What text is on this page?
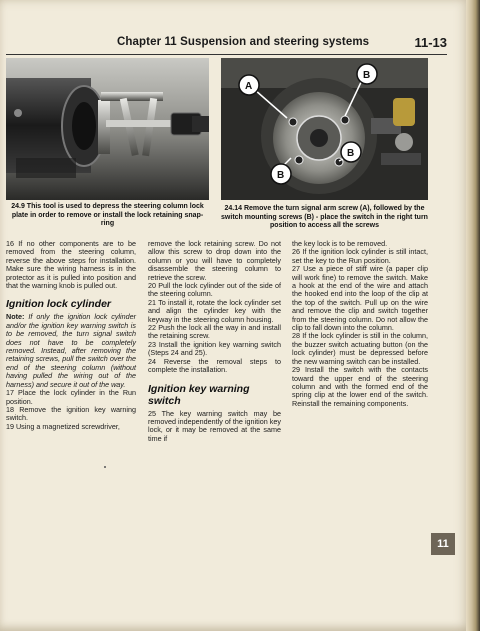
Chapter 11 Suspension and steering systems	11-13
24.9 This tool is used to depress the steering column lock plate in order to remove or install the lock retaining snap-ring
A
B
B
B
24.14 Remove the turn signal arm screw (A), followed by the switch mounting screws (B) - place the switch in the right turn position to access all the screws

16 If no other components are to be removed from the steering column, reverse the above steps for installation. Make sure the wiring harness is in the protector as it is pulled into position and that the warning knob is pulled out.

Ignition lock cylinder

Note: If only the ignition lock cylinder and/or the ignition key warning switch is to be removed, the turn signal switch does not have to be completely removed. Instead, after removing the retaining screws, pull the switch over the end of the steering column (without having pulled the wiring out of the harness) and secure it out of the way.

17 Place the lock cylinder in the Run position.

18 Remove the ignition key warning switch.

19 Using a magnetized screwdriver,

remove the lock retaining screw. Do not allow this screw to drop down into the column or you will have to completely disassemble the steering column to retrieve the screw.

20 Pull the lock cylinder out of the side of the steering column.

21 To install it, rotate the lock cylinder set and align the cylinder key with the keyway in the steering column housing.

22 Push the lock all the way in and install the retaining screw.

23 Install the ignition key warning switch (Steps 24 and 25).

24 Reverse the removal steps to complete the installation.

Ignition key warning switch

25 The key warning switch may be removed independently of the ignition key lock, or it may be removed at the same time if

the key lock is to be removed.

26 If the ignition lock cylinder is still intact, set the key to the Run position.

27 Use a piece of stiff wire (a paper clip will work fine) to remove the switch. Make a hook at the end of the wire and attach the hooked end into the loop of the clip at the top of the switch. Pull up on the wire and remove the clip and switch together from the steering column. Do not allow the clip to fall down into the column.

28 If the lock cylinder is still in the column, the buzzer switch actuating button (on the lock cylinder) must be depressed before the new warning switch can be installed.

29 Install the switch with the contacts toward the upper end of the steering column and with the formed end of the spring clip at the lower end of the switch. Reinstall the remaining components.

11
